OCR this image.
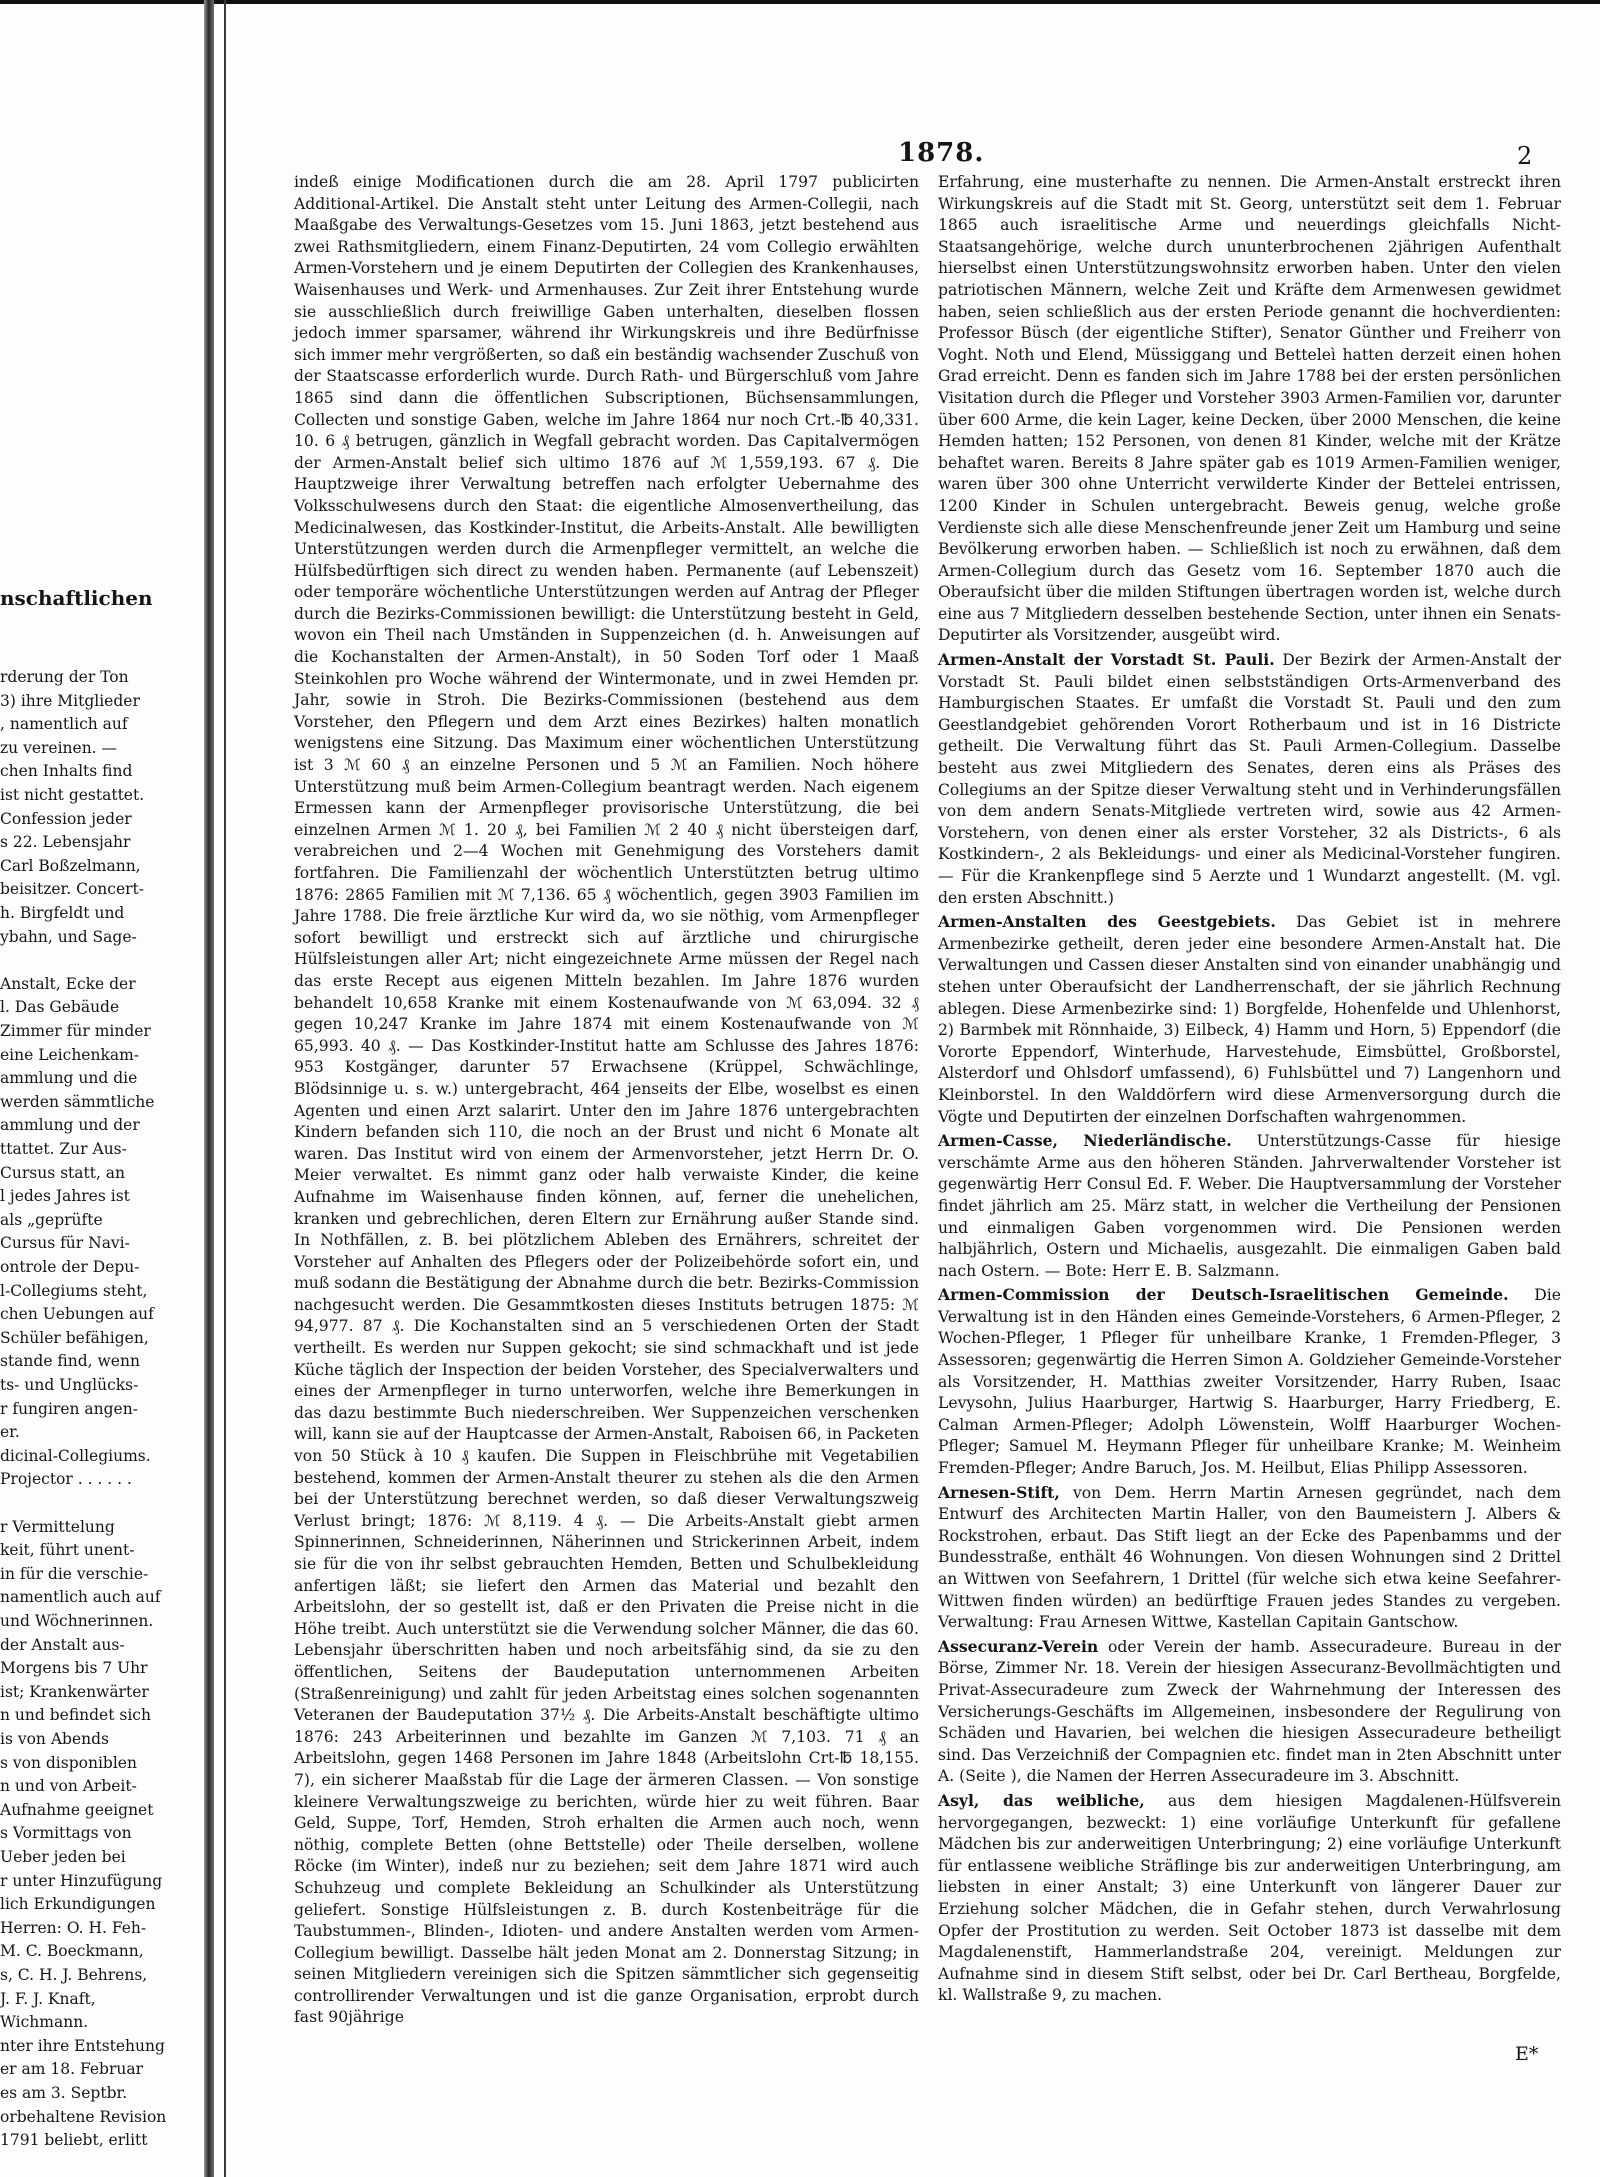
nschaftlichen
rderung der Ton
3) ihre Mitglieder
, namentlich auf
zu vereinen. —
chen Inhalts find
ist nicht gestattet.
Confession jeder
s 22. Lebensjahr
Carl Boßzelmann,
beisitzer. Concert-
h. Birgfeldt und
ybahn, und Sage-
Anstalt, Ecke der
l. Das Gebäude
Zimmer für minder
eine Leichenkam-
ammlung und die
werden sämmtliche
ammlung und der
ttattet. Zur Aus-
Cursus statt, an
l jedes Jahres ist
als „geprüfte
Cursus für Navi-
ontrole der Depu-
l-Collegiums steht,
chen Uebungen auf
Schüler befähigen,
stande find, wenn
ts- und Unglücks-
r fungiren angen-
er.
dicinal-Collegiums.
Projector . . . . . .
r Vermittelung
keit, führt unent-
in für die verschie-
namentlich auch auf
und Wöchnerinnen.
der Anstalt aus-
Morgens bis 7 Uhr
ist; Krankenwärter
n und befindet sich
is von Abends
s von disponiblen
n und von Arbeit-
Aufnahme geeignet
s Vormittags von
Ueber jeden bei
r unter Hinzufügung
lich Erkundigungen
Herren: O. H. Feh-
M. C. Boeckmann,
s, C. H. J. Behrens,
J. F. J. Knaft,
Wichmann.
nter ihre Entstehung
er am 18. Februar
es am 3. Septbr.
orbehaltene Revision
1791 beliebt, erlitt
1878.	2

indeß einige Modificationen durch die am 28. April 1797 publicirten Additional-Artikel. Die Anstalt steht unter Leitung des Armen-Collegii, nach Maaßgabe des Verwaltungs-Gesetzes vom 15. Juni 1863, jetzt bestehend aus zwei Rathsmitgliedern, einem Finanz-Deputirten, 24 vom Collegio erwählten Armen-Vorstehern und je einem Deputirten der Collegien des Krankenhauses, Waisenhauses und Werk- und Armenhauses. Zur Zeit ihrer Entstehung wurde sie ausschließlich durch freiwillige Gaben unterhalten, dieselben flossen jedoch immer sparsamer, während ihr Wirkungskreis und ihre Bedürfnisse sich immer mehr vergrößerten, so daß ein beständig wachsender Zuschuß von der Staatscasse erforderlich wurde. Durch Rath- und Bürgerschluß vom Jahre 1865 sind dann die öffentlichen Subscriptionen, Büchsensammlungen, Collecten und sonstige Gaben, welche im Jahre 1864 nur noch Crt.-℔ 40,331. 10. 6 ₰ betrugen, gänzlich in Wegfall gebracht worden. Das Capitalvermögen der Armen-Anstalt belief sich ultimo 1876 auf ℳ 1,559,193. 67 ₰. Die Hauptzweige ihrer Verwaltung betreffen nach erfolgter Uebernahme des Volksschulwesens durch den Staat: die eigentliche Almosenvertheilung, das Medicinalwesen, das Kostkinder-Institut, die Arbeits-Anstalt. Alle bewilligten Unterstützungen werden durch die Armenpfleger vermittelt, an welche die Hülfsbedürftigen sich direct zu wenden haben. Permanente (auf Lebenszeit) oder temporäre wöchentliche Unterstützungen werden auf Antrag der Pfleger durch die Bezirks-Commissionen bewilligt: die Unterstützung besteht in Geld, wovon ein Theil nach Umständen in Suppenzeichen (d. h. Anweisungen auf die Kochanstalten der Armen-Anstalt), in 50 Soden Torf oder 1 Maaß Steinkohlen pro Woche während der Wintermonate, und in zwei Hemden pr. Jahr, sowie in Stroh. Die Bezirks-Commissionen (bestehend aus dem Vorsteher, den Pflegern und dem Arzt eines Bezirkes) halten monatlich wenigstens eine Sitzung. Das Maximum einer wöchentlichen Unterstützung ist 3 ℳ 60 ₰ an einzelne Personen und 5 ℳ an Familien. Noch höhere Unterstützung muß beim Armen-Collegium beantragt werden. Nach eigenem Ermessen kann der Armenpfleger provisorische Unterstützung, die bei einzelnen Armen ℳ 1. 20 ₰, bei Familien ℳ 2 40 ₰ nicht übersteigen darf, verabreichen und 2—4 Wochen mit Genehmigung des Vorstehers damit fortfahren. Die Familienzahl der wöchentlich Unterstützten betrug ultimo 1876: 2865 Familien mit ℳ 7,136. 65 ₰ wöchentlich, gegen 3903 Familien im Jahre 1788. Die freie ärztliche Kur wird da, wo sie nöthig, vom Armenpfleger sofort bewilligt und erstreckt sich auf ärztliche und chirurgische Hülfsleistungen aller Art; nicht eingezeichnete Arme müssen der Regel nach das erste Recept aus eigenen Mitteln bezahlen. Im Jahre 1876 wurden behandelt 10,658 Kranke mit einem Kostenaufwande von ℳ 63,094. 32 ₰ gegen 10,247 Kranke im Jahre 1874 mit einem Kostenaufwande von ℳ 65,993. 40 ₰. — Das Kostkinder-Institut hatte am Schlusse des Jahres 1876: 953 Kostgänger, darunter 57 Erwachsene (Krüppel, Schwächlinge, Blödsinnige u. s. w.) untergebracht, 464 jenseits der Elbe, woselbst es einen Agenten und einen Arzt salarirt. Unter den im Jahre 1876 untergebrachten Kindern befanden sich 110, die noch an der Brust und nicht 6 Monate alt waren. Das Institut wird von einem der Armenvorsteher, jetzt Herrn Dr. O. Meier verwaltet. Es nimmt ganz oder halb verwaiste Kinder, die keine Aufnahme im Waisenhause finden können, auf, ferner die unehelichen, kranken und gebrechlichen, deren Eltern zur Ernährung außer Stande sind. In Nothfällen, z. B. bei plötzlichem Ableben des Ernährers, schreitet der Vorsteher auf Anhalten des Pflegers oder der Polizeibehörde sofort ein, und muß sodann die Bestätigung der Abnahme durch die betr. Bezirks-Commission nachgesucht werden. Die Gesammtkosten dieses Instituts betrugen 1875: ℳ 94,977. 87 ₰. Die Kochanstalten sind an 5 verschiedenen Orten der Stadt vertheilt. Es werden nur Suppen gekocht; sie sind schmackhaft und ist jede Küche täglich der Inspection der beiden Vorsteher, des Specialverwalters und eines der Armenpfleger in turno unterworfen, welche ihre Bemerkungen in das dazu bestimmte Buch niederschreiben. Wer Suppenzeichen verschenken will, kann sie auf der Hauptcasse der Armen-Anstalt, Raboisen 66, in Packeten von 50 Stück à 10 ₰ kaufen. Die Suppen in Fleischbrühe mit Vegetabilien bestehend, kommen der Armen-Anstalt theurer zu stehen als die den Armen bei der Unterstützung berechnet werden, so daß dieser Verwaltungszweig Verlust bringt; 1876: ℳ 8,119. 4 ₰. — Die Arbeits-Anstalt giebt armen Spinnerinnen, Schneiderinnen, Näherinnen und Strickerinnen Arbeit, indem sie für die von ihr selbst gebrauchten Hemden, Betten und Schulbekleidung anfertigen läßt; sie liefert den Armen das Material und bezahlt den Arbeitslohn, der so gestellt ist, daß er den Privaten die Preise nicht in die Höhe treibt. Auch unterstützt sie die Verwendung solcher Männer, die das 60. Lebensjahr überschritten haben und noch arbeitsfähig sind, da sie zu den öffentlichen, Seitens der Baudeputation unternommenen Arbeiten (Straßenreinigung) und zahlt für jeden Arbeitstag eines solchen sogenannten Veteranen der Baudeputation 37½ ₰. Die Arbeits-Anstalt beschäftigte ultimo 1876: 243 Arbeiterinnen und bezahlte im Ganzen ℳ 7,103. 71 ₰ an Arbeitslohn, gegen 1468 Personen im Jahre 1848 (Arbeitslohn Crt-℔ 18,155. 7), ein sicherer Maaßstab für die Lage der ärmeren Classen. — Von sonstige kleinere Verwaltungszweige zu berichten, würde hier zu weit führen. Baar Geld, Suppe, Torf, Hemden, Stroh erhalten die Armen auch noch, wenn nöthig, complete Betten (ohne Bettstelle) oder Theile derselben, wollene Röcke (im Winter), indeß nur zu beziehen; seit dem Jahre 1871 wird auch Schuhzeug und complete Bekleidung an Schulkinder als Unterstützung geliefert. Sonstige Hülfsleistungen z. B. durch Kostenbeiträge für die Taubstummen-, Blinden-, Idioten- und andere Anstalten werden vom Armen-Collegium bewilligt. Dasselbe hält jeden Monat am 2. Donnerstag Sitzung; in seinen Mitgliedern vereinigen sich die Spitzen sämmtlicher sich gegenseitig controllirender Verwaltungen und ist die ganze Organisation, erprobt durch fast 90jährige

Erfahrung, eine musterhafte zu nennen. Die Armen-Anstalt erstreckt ihren Wirkungskreis auf die Stadt mit St. Georg, unterstützt seit dem 1. Februar 1865 auch israelitische Arme und neuerdings gleichfalls Nicht-Staatsangehörige, welche durch ununterbrochenen 2jährigen Aufenthalt hierselbst einen Unterstützungswohnsitz erworben haben. Unter den vielen patriotischen Männern, welche Zeit und Kräfte dem Armenwesen gewidmet haben, seien schließlich aus der ersten Periode genannt die hochverdienten: Professor Büsch (der eigentliche Stifter), Senator Günther und Freiherr von Voght. Noth und Elend, Müssiggang und Betteleì hatten derzeit einen hohen Grad erreicht. Denn es fanden sich im Jahre 1788 bei der ersten persönlichen Visitation durch die Pfleger und Vorsteher 3903 Armen-Familien vor, darunter über 600 Arme, die kein Lager, keine Decken, über 2000 Menschen, die keine Hemden hatten; 152 Personen, von denen 81 Kinder, welche mit der Krätze behaftet waren. Bereits 8 Jahre später gab es 1019 Armen-Familien weniger, waren über 300 ohne Unterricht verwilderte Kinder der Bettelei entrissen, 1200 Kinder in Schulen untergebracht. Beweis genug, welche große Verdienste sich alle diese Menschenfreunde jener Zeit um Hamburg und seine Bevölkerung erworben haben. — Schließlich ist noch zu erwähnen, daß dem Armen-Collegium durch das Gesetz vom 16. September 1870 auch die Oberaufsicht über die milden Stiftungen übertragen worden ist, welche durch eine aus 7 Mitgliedern desselben bestehende Section, unter ihnen ein Senats-Deputirter als Vorsitzender, ausgeübt wird.

Armen-Anstalt der Vorstadt St. Pauli. Der Bezirk der Armen-Anstalt der Vorstadt St. Pauli bildet einen selbstständigen Orts-Armenverband des Hamburgischen Staates. Er umfaßt die Vorstadt St. Pauli und den zum Geestlandgebiet gehörenden Vorort Rotherbaum und ist in 16 Districte getheilt. Die Verwaltung führt das St. Pauli Armen-Collegium. Dasselbe besteht aus zwei Mitgliedern des Senates, deren eins als Präses des Collegiums an der Spitze dieser Verwaltung steht und in Verhinderungsfällen von dem andern Senats-Mitgliede vertreten wird, sowie aus 42 Armen-Vorstehern, von denen einer als erster Vorsteher, 32 als Districts-, 6 als Kostkindern-, 2 als Bekleidungs- und einer als Medicinal-Vorsteher fungiren. — Für die Krankenpflege sind 5 Aerzte und 1 Wundarzt angestellt. (M. vgl. den ersten Abschnitt.)

Armen-Anstalten des Geestgebiets. Das Gebiet ist in mehrere Armenbezirke getheilt, deren jeder eine besondere Armen-Anstalt hat. Die Verwaltungen und Cassen dieser Anstalten sind von einander unabhängig und stehen unter Oberaufsicht der Landherrenschaft, der sie jährlich Rechnung ablegen. Diese Armenbezirke sind: 1) Borgfelde, Hohenfelde und Uhlenhorst, 2) Barmbek mit Rönnhaide, 3) Eilbeck, 4) Hamm und Horn, 5) Eppendorf (die Vororte Eppendorf, Winterhude, Harvestehude, Eimsbüttel, Großborstel, Alsterdorf und Ohlsdorf umfassend), 6) Fuhlsbüttel und 7) Langenhorn und Kleinborstel. In den Walddörfern wird diese Armenversorgung durch die Vögte und Deputirten der einzelnen Dorfschaften wahrgenommen.

Armen-Casse, Niederländische. Unterstützungs-Casse für hiesige verschämte Arme aus den höheren Ständen. Jahrverwaltender Vorsteher ist gegenwärtig Herr Consul Ed. F. Weber. Die Hauptversammlung der Vorsteher findet jährlich am 25. März statt, in welcher die Vertheilung der Pensionen und einmaligen Gaben vorgenommen wird. Die Pensionen werden halbjährlich, Ostern und Michaelis, ausgezahlt. Die einmaligen Gaben bald nach Ostern. — Bote: Herr E. B. Salzmann.

Armen-Commission der Deutsch-Israelitischen Gemeinde. Die Verwaltung ist in den Händen eines Gemeinde-Vorstehers, 6 Armen-Pfleger, 2 Wochen-Pfleger, 1 Pfleger für unheilbare Kranke, 1 Fremden-Pfleger, 3 Assessoren; gegenwärtig die Herren Simon A. Goldzieher Gemeinde-Vorsteher als Vorsitzender, H. Matthias zweiter Vorsitzender, Harry Ruben, Isaac Levysohn, Julius Haarburger, Hartwig S. Haarburger, Harry Friedberg, E. Calman Armen-Pfleger; Adolph Löwenstein, Wolff Haarburger Wochen-Pfleger; Samuel M. Heymann Pfleger für unheilbare Kranke; M. Weinheim Fremden-Pfleger; Andre Baruch, Jos. M. Heilbut, Elias Philipp Assessoren.

Arnesen-Stift, von Dem. Herrn Martin Arnesen gegründet, nach dem Entwurf des Architecten Martin Haller, von den Baumeistern J. Albers & Rockstrohen, erbaut. Das Stift liegt an der Ecke des Papenbamms und der Bundesstraße, enthält 46 Wohnungen. Von diesen Wohnungen sind 2 Drittel an Wittwen von Seefahrern, 1 Drittel (für welche sich etwa keine Seefahrer-Wittwen finden würden) an bedürftige Frauen jedes Standes zu vergeben. Verwaltung: Frau Arnesen Wittwe, Kastellan Capitain Gantschow.

Assecuranz-Verein oder Verein der hamb. Assecuradeure. Bureau in der Börse, Zimmer Nr. 18. Verein der hiesigen Assecuranz-Bevollmächtigten und Privat-Assecuradeure zum Zweck der Wahrnehmung der Interessen des Versicherungs-Geschäfts im Allgemeinen, insbesondere der Regulirung von Schäden und Havarien, bei welchen die hiesigen Assecuradeure betheiligt sind. Das Verzeichniß der Compagnien etc. findet man in 2ten Abschnitt unter A. (Seite ), die Namen der Herren Assecuradeure im 3. Abschnitt.

Asyl, das weibliche, aus dem hiesigen Magdalenen-Hülfsverein hervorgegangen, bezweckt: 1) eine vorläufige Unterkunft für gefallene Mädchen bis zur anderweitigen Unterbringung; 2) eine vorläufige Unterkunft für entlassene weibliche Sträflinge bis zur anderweitigen Unterbringung, am liebsten in einer Anstalt; 3) eine Unterkunft von längerer Dauer zur Erziehung solcher Mädchen, die in Gefahr stehen, durch Verwahrlosung Opfer der Prostitution zu werden. Seit October 1873 ist dasselbe mit dem Magdalenenstift, Hammerlandstraße 204, vereinigt. Meldungen zur Aufnahme sind in diesem Stift selbst, oder bei Dr. Carl Bertheau, Borgfelde, kl. Wallstraße 9, zu machen.

E*
